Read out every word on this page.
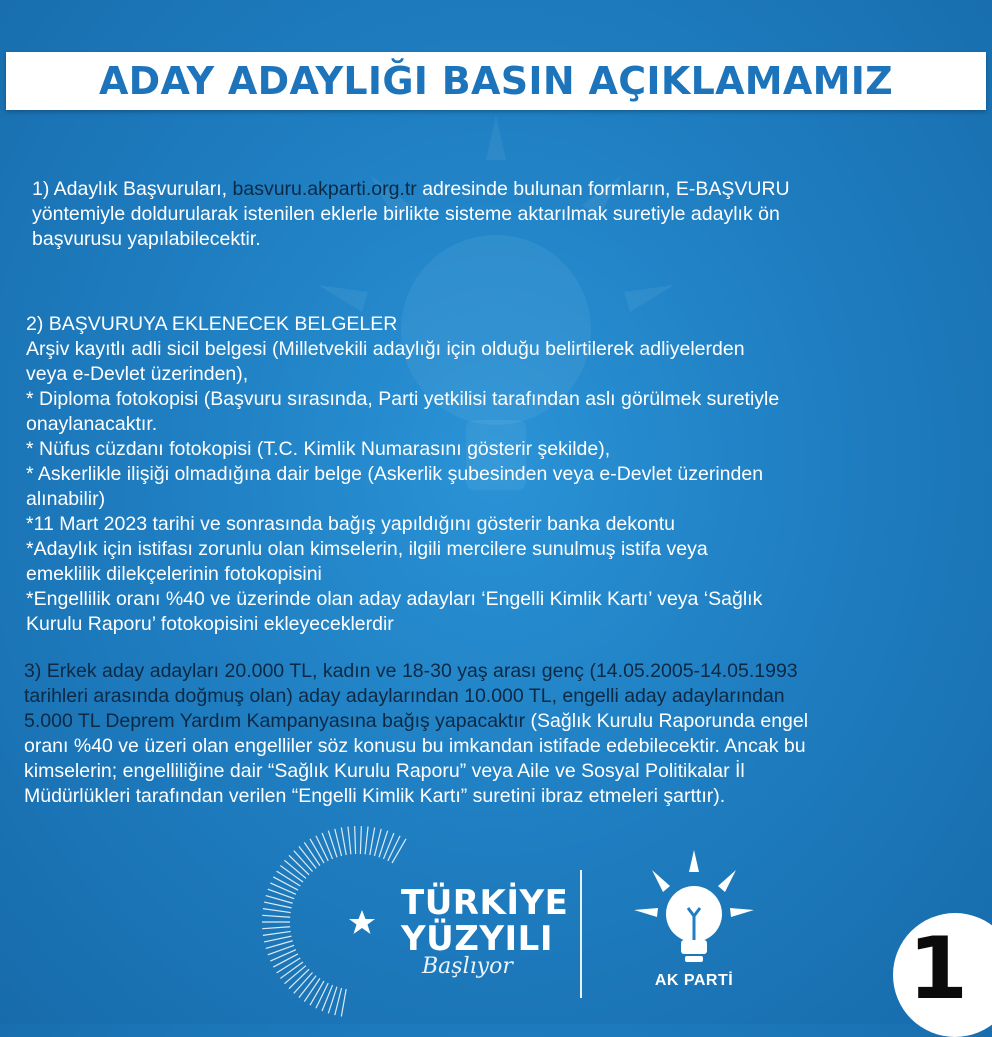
ADAY ADAYLIĞI BASIN AÇIKLAMAMIZ
1) Adaylık Başvuruları, basvuru.akparti.org.tr adresinde bulunan formların, E-BAŞVURU
yöntemiyle doldurularak istenilen eklerle birlikte sisteme aktarılmak suretiyle adaylık ön
başvurusu yapılabilecektir.
2) BAŞVURUYA EKLENECEK BELGELER
Arşiv kayıtlı adli sicil belgesi (Milletvekili adaylığı için olduğu belirtilerek adliyelerden
veya e-Devlet üzerinden),
* Diploma fotokopisi (Başvuru sırasında, Parti yetkilisi tarafından aslı görülmek suretiyle
onaylanacaktır.
* Nüfus cüzdanı fotokopisi (T.C. Kimlik Numarasını gösterir şekilde),
* Askerlikle ilişiği olmadığına dair belge (Askerlik şubesinden veya e-Devlet üzerinden
alınabilir)
*11 Mart 2023 tarihi ve sonrasında bağış yapıldığını gösterir banka dekontu
*Adaylık için istifası zorunlu olan kimselerin, ilgili mercilere sunulmuş istifa veya
emeklilik dilekçelerinin fotokopisini
*Engellilik oranı %40 ve üzerinde olan aday adayları ‘Engelli Kimlik Kartı’ veya ‘Sağlık
Kurulu Raporu’ fotokopisini ekleyeceklerdir
3) Erkek aday adayları 20.000 TL, kadın ve 18-30 yaş arası genç (14.05.2005-14.05.1993
tarihleri arasında doğmuş olan) aday adaylarından 10.000 TL, engelli aday adaylarından
5.000 TL Deprem Yardım Kampanyasına bağış yapacaktır (Sağlık Kurulu Raporunda engel
oranı %40 ve üzeri olan engelliler söz konusu bu imkandan istifade edebilecektir. Ancak bu
kimselerin; engelliliğine dair “Sağlık Kurulu Raporu” veya Aile ve Sosyal Politikalar İl
Müdürlükleri tarafından verilen “Engelli Kimlik Kartı” suretini ibraz etmeleri şarttır).
TÜRKİYE
YÜZYILI
Başlıyor
AK PARTİ 1
